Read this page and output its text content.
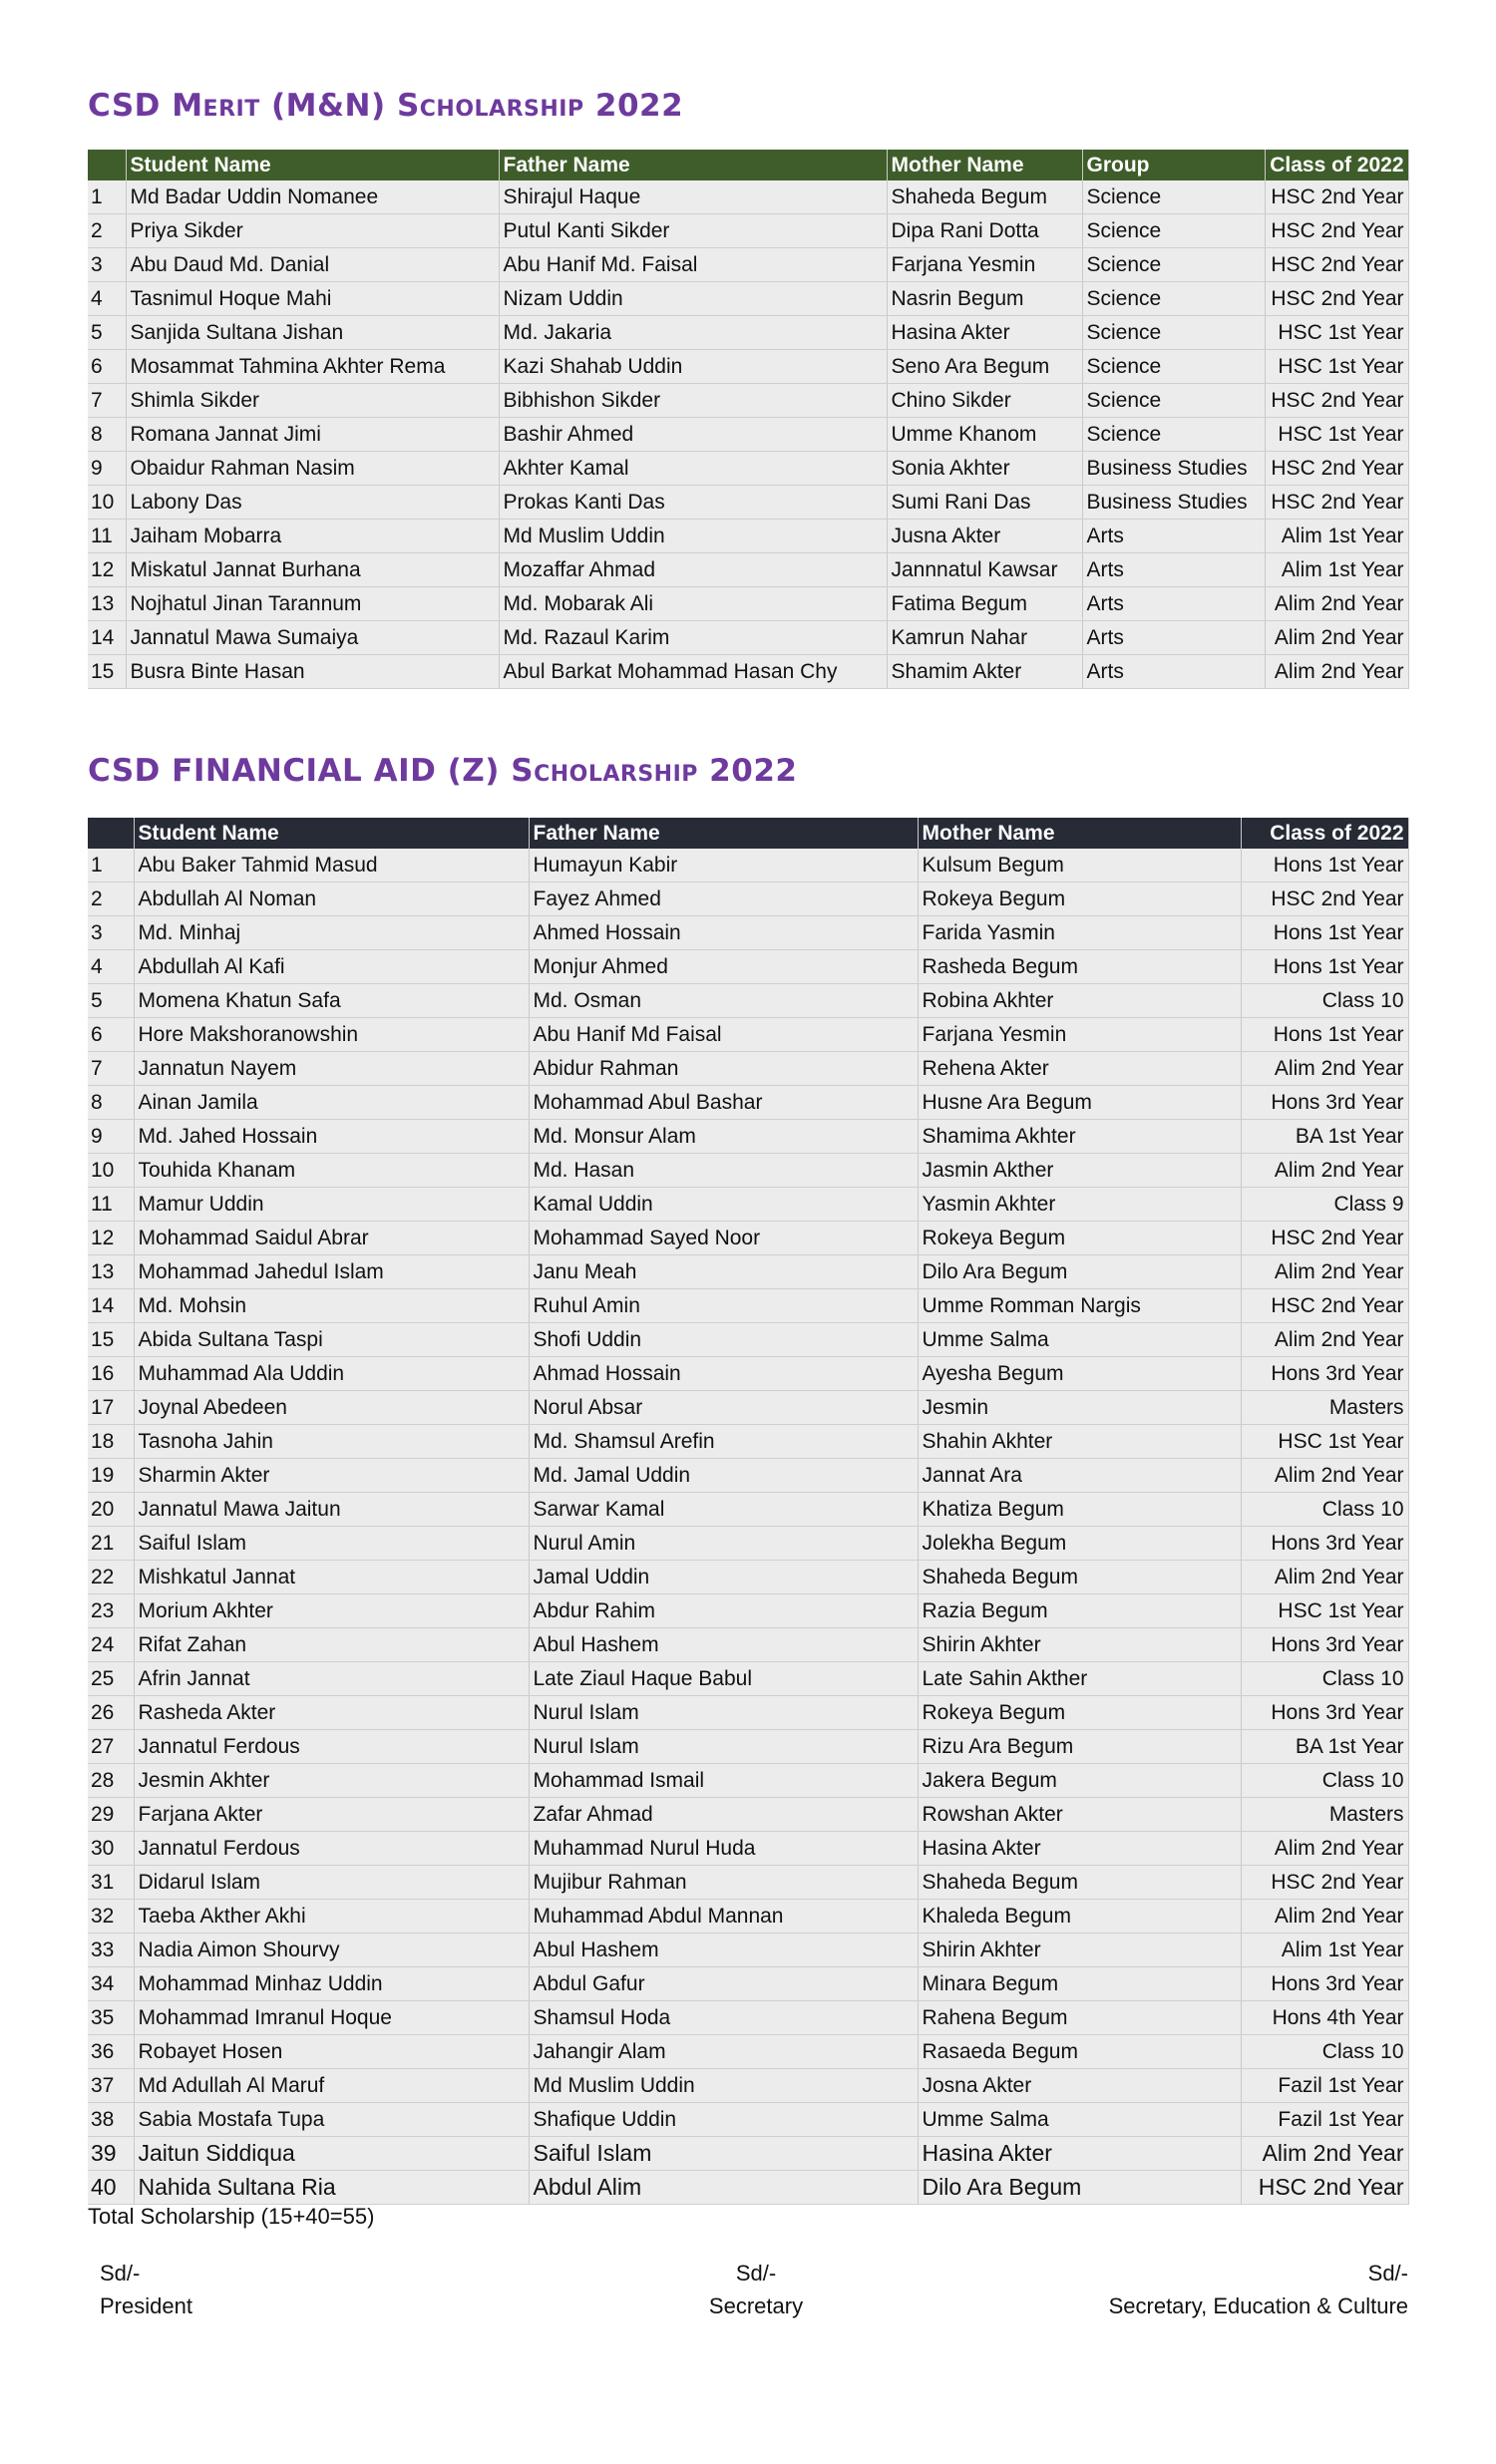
CSD Merit (M&N) Scholarship 2022
	Student Name	Father Name	Mother Name	Group	Class of 2022
1	Md Badar Uddin Nomanee	Shirajul Haque	Shaheda Begum	Science	HSC 2nd Year
2	Priya Sikder	Putul Kanti Sikder	Dipa Rani Dotta	Science	HSC 2nd Year
3	Abu Daud Md. Danial	Abu Hanif Md. Faisal	Farjana Yesmin	Science	HSC 2nd Year
4	Tasnimul Hoque Mahi	Nizam Uddin	Nasrin Begum	Science	HSC 2nd Year
5	Sanjida Sultana Jishan	Md. Jakaria	Hasina Akter	Science	HSC 1st Year
6	Mosammat Tahmina Akhter Rema	Kazi Shahab Uddin	Seno Ara Begum	Science	HSC 1st Year
7	Shimla Sikder	Bibhishon Sikder	Chino Sikder	Science	HSC 2nd Year
8	Romana Jannat Jimi	Bashir Ahmed	Umme Khanom	Science	HSC 1st Year
9	Obaidur Rahman Nasim	Akhter Kamal	Sonia Akhter	Business Studies	HSC 2nd Year
10	Labony Das	Prokas Kanti Das	Sumi Rani Das	Business Studies	HSC 2nd Year
11	Jaiham Mobarra	Md Muslim Uddin	Jusna Akter	Arts	Alim 1st Year
12	Miskatul Jannat Burhana	Mozaffar Ahmad	Jannnatul Kawsar	Arts	Alim 1st Year
13	Nojhatul Jinan Tarannum	Md. Mobarak Ali	Fatima Begum	Arts	Alim 2nd Year
14	Jannatul Mawa Sumaiya	Md. Razaul Karim	Kamrun Nahar	Arts	Alim 2nd Year
15	Busra Binte Hasan	Abul Barkat Mohammad Hasan Chy	Shamim Akter	Arts	Alim 2nd Year
CSD FINANCIAL AID (Z) Scholarship 2022
	Student Name	Father Name	Mother Name	Class of 2022
1	Abu Baker Tahmid Masud	Humayun Kabir	Kulsum Begum	Hons 1st Year
2	Abdullah Al Noman	Fayez Ahmed	Rokeya Begum	HSC 2nd Year
3	Md. Minhaj	Ahmed Hossain	Farida Yasmin	Hons 1st Year
4	Abdullah Al Kafi	Monjur Ahmed	Rasheda Begum	Hons 1st Year
5	Momena Khatun Safa	Md. Osman	Robina Akhter	Class 10
6	Hore Makshoranowshin	Abu Hanif Md Faisal	Farjana Yesmin	Hons 1st Year
7	Jannatun Nayem	Abidur Rahman	Rehena Akter	Alim 2nd Year
8	Ainan Jamila	Mohammad Abul Bashar	Husne Ara Begum	Hons 3rd Year
9	Md. Jahed Hossain	Md. Monsur Alam	Shamima Akhter	BA 1st Year
10	Touhida Khanam	Md. Hasan	Jasmin Akther	Alim 2nd Year
11	Mamur Uddin	Kamal Uddin	Yasmin Akhter	Class 9
12	Mohammad Saidul Abrar	Mohammad Sayed Noor	Rokeya Begum	HSC 2nd Year
13	Mohammad Jahedul Islam	Janu Meah	Dilo Ara Begum	Alim 2nd Year
14	Md. Mohsin	Ruhul Amin	Umme Romman Nargis	HSC 2nd Year
15	Abida Sultana Taspi	Shofi Uddin	Umme Salma	Alim 2nd Year
16	Muhammad Ala Uddin	Ahmad Hossain	Ayesha Begum	Hons 3rd Year
17	Joynal Abedeen	Norul Absar	Jesmin	Masters
18	Tasnoha Jahin	Md. Shamsul Arefin	Shahin Akhter	HSC 1st Year
19	Sharmin Akter	Md. Jamal Uddin	Jannat Ara	Alim 2nd Year
20	Jannatul Mawa Jaitun	Sarwar Kamal	Khatiza Begum	Class 10
21	Saiful Islam	Nurul Amin	Jolekha Begum	Hons 3rd Year
22	Mishkatul Jannat	Jamal Uddin	Shaheda Begum	Alim 2nd Year
23	Morium Akhter	Abdur Rahim	Razia Begum	HSC 1st Year
24	Rifat Zahan	Abul Hashem	Shirin Akhter	Hons 3rd Year
25	Afrin Jannat	Late Ziaul Haque Babul	Late Sahin Akther	Class 10
26	Rasheda Akter	Nurul Islam	Rokeya Begum	Hons 3rd Year
27	Jannatul Ferdous	Nurul Islam	Rizu Ara Begum	BA 1st Year
28	Jesmin Akhter	Mohammad Ismail	Jakera Begum	Class 10
29	Farjana Akter	Zafar Ahmad	Rowshan Akter	Masters
30	Jannatul Ferdous	Muhammad Nurul Huda	Hasina Akter	Alim 2nd Year
31	Didarul Islam	Mujibur Rahman	Shaheda Begum	HSC 2nd Year
32	Taeba Akther Akhi	Muhammad Abdul Mannan	Khaleda Begum	Alim 2nd Year
33	Nadia Aimon Shourvy	Abul Hashem	Shirin Akhter	Alim 1st Year
34	Mohammad Minhaz Uddin	Abdul Gafur	Minara Begum	Hons 3rd Year
35	Mohammad Imranul Hoque	Shamsul Hoda	Rahena Begum	Hons 4th Year
36	Robayet Hosen	Jahangir Alam	Rasaeda Begum	Class 10
37	Md Adullah Al Maruf	Md Muslim Uddin	Josna Akter	Fazil 1st Year
38	Sabia Mostafa Tupa	Shafique Uddin	Umme Salma	Fazil 1st Year
39	Jaitun Siddiqua	Saiful Islam	Hasina Akter	Alim 2nd Year
40	Nahida Sultana Ria	Abdul Alim	Dilo Ara Begum	HSC 2nd Year
Total Scholarship (15+40=55)
Sd/-
President
Sd/-
Secretary
Sd/-
Secretary, Education & Culture
